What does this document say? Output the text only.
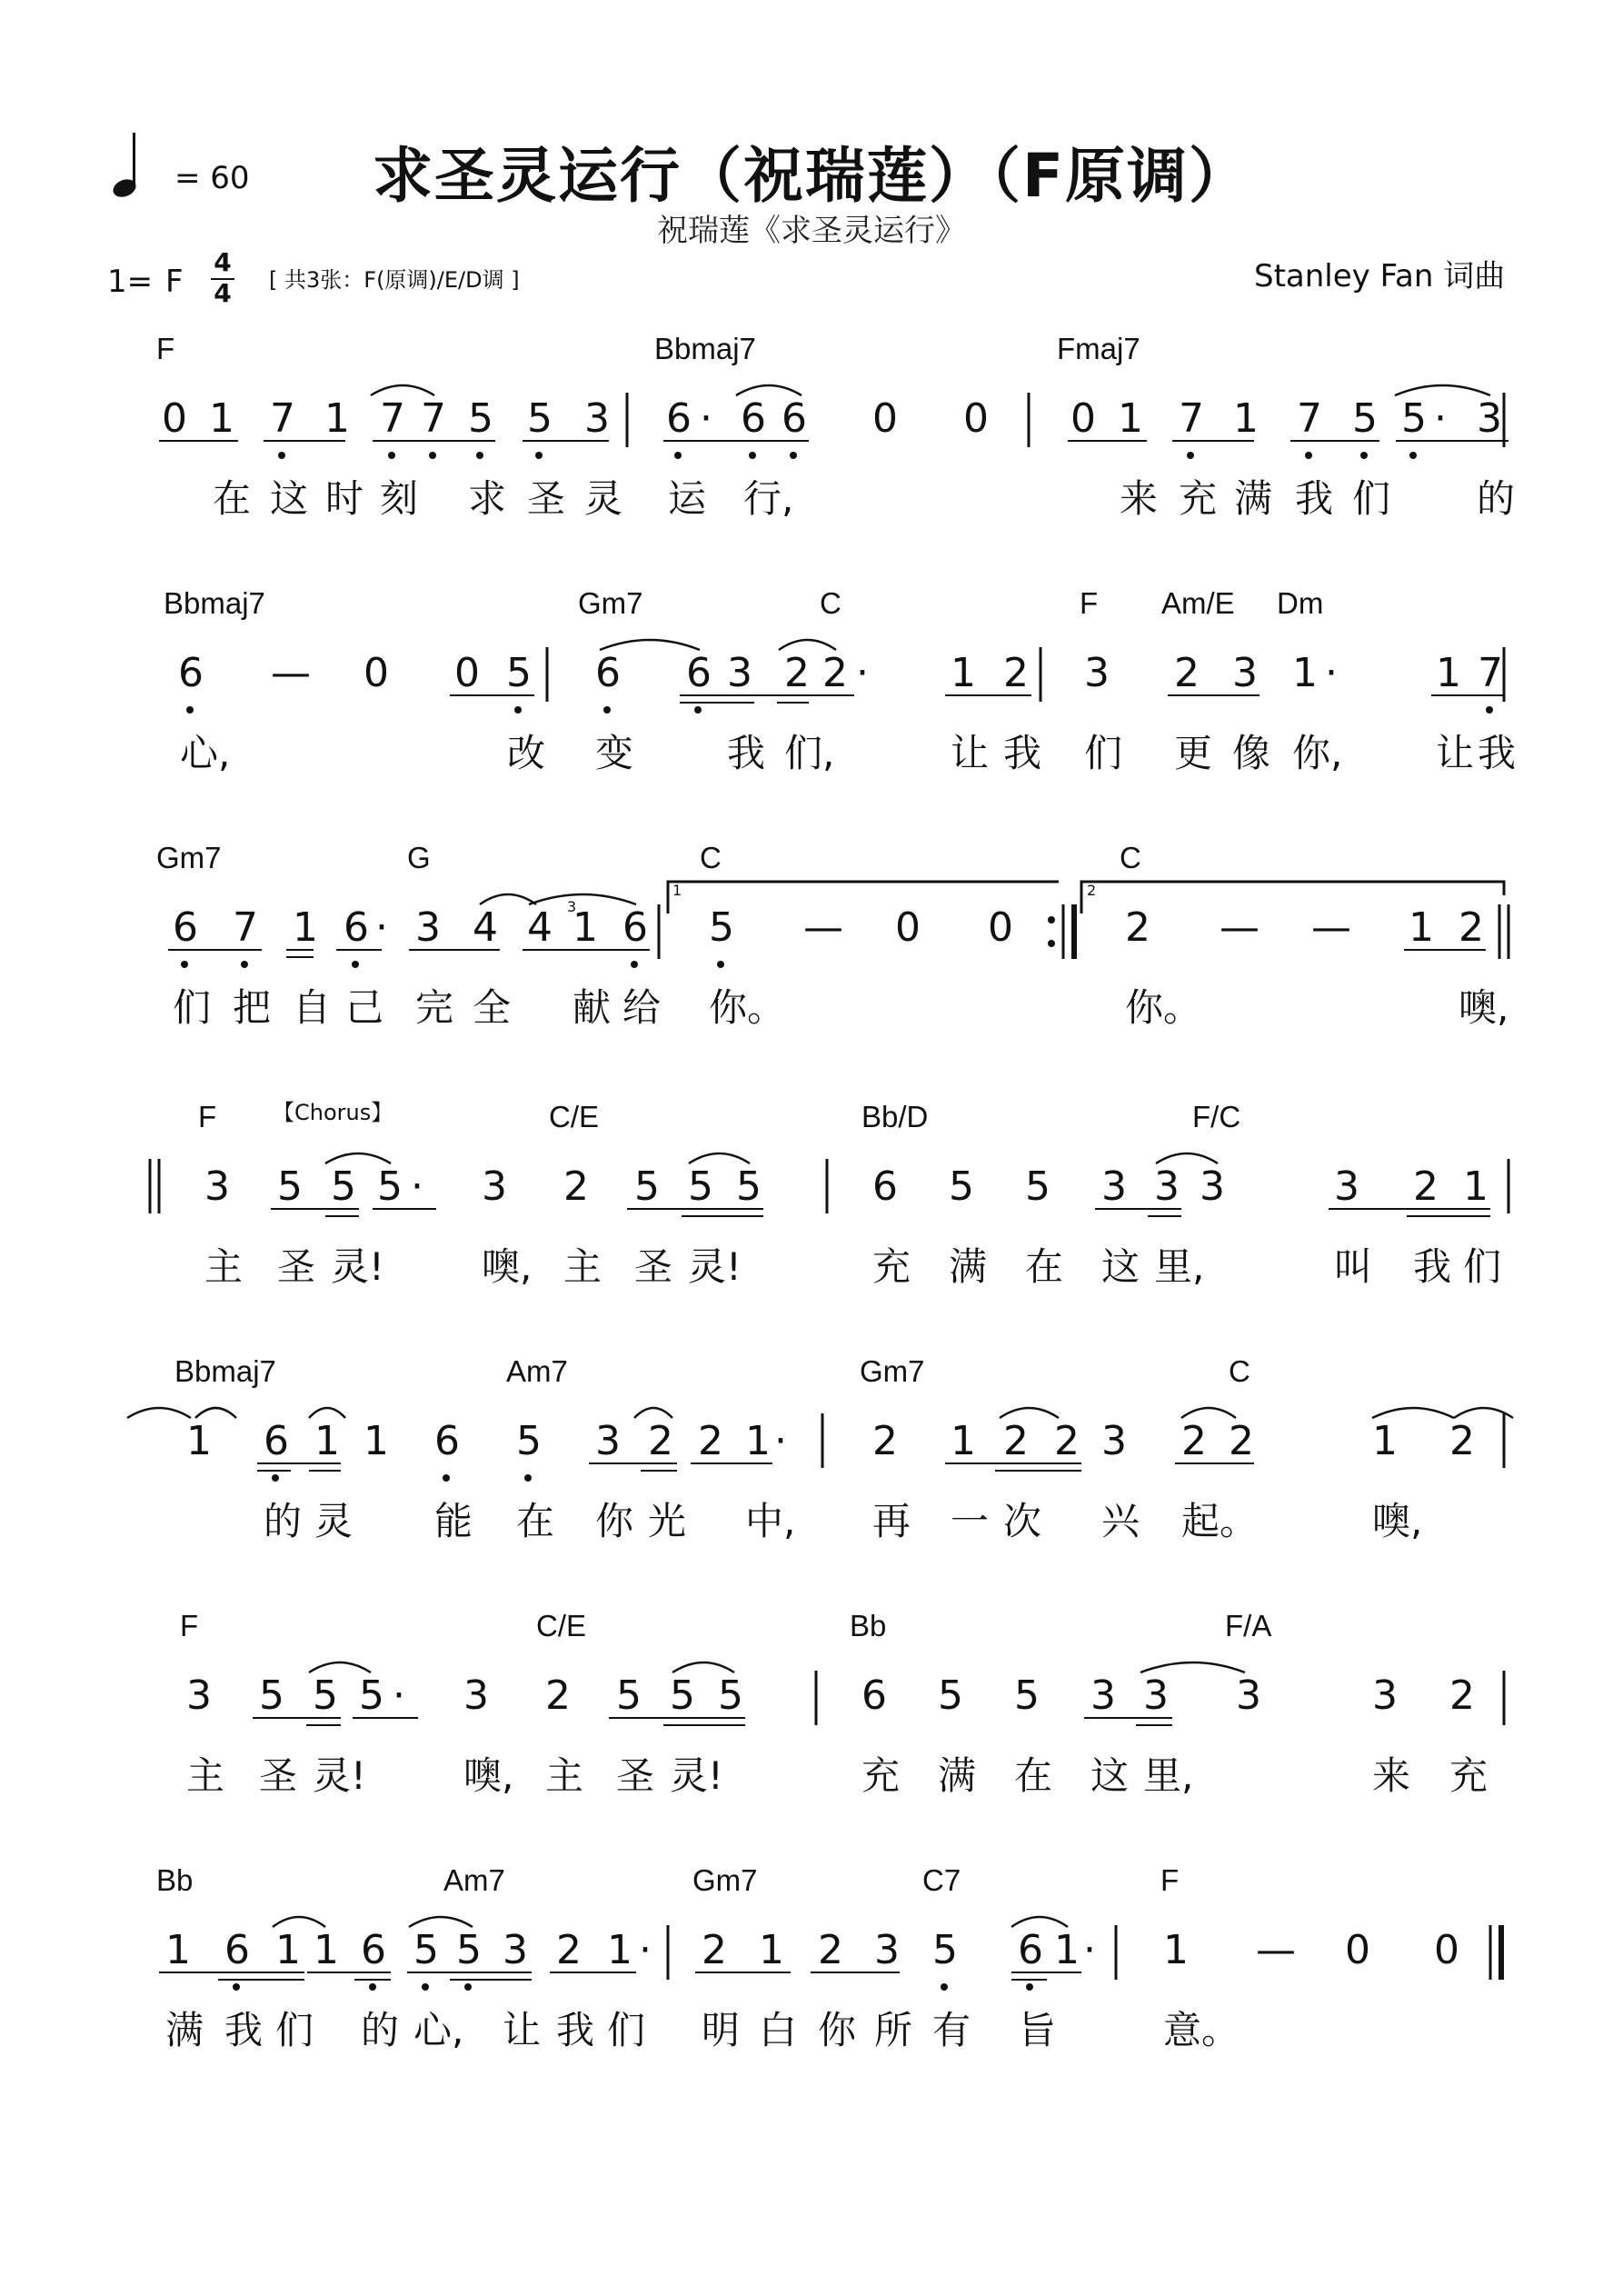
求圣灵运行（祝瑞莲）（F原调）
祝瑞莲《求圣灵运行》
= 60
1= F
4
4 [ 共3张：F(原调)/E/D调 ]	Stanley Fan 词曲
0 1 7 1 7 7 5 5 3 6 · 6 6 0 0 0 1 7 1 7 5 5 · 3
6 — 0 0 5 6 6 3 2 2 · 1 2 3 2 3 1 · 1 7
6 7 1 6 · 3 4 4 1 6 5 — 0 0	2 — — 1 2
3 5 5 5 · 3 2 5 5 5	6 5 5 3 3 3	3 2 1
1 6 1 1 6 5 3 2 2 1 · 2 1 2 2 3 2 2	1 2
3 5 5 5 · 3 2 5 5 5	6 5 5 3 3 3	3 2
1 6 1 1 6 5 5 3 2 1 · 2 1 2 3 5 6 1 · 1 — 0 0
F	Bbmaj7	Fmaj7
Bbmaj7	Gm7	C	F Am/E Dm
Gm7	G	C	C
F	C/E	Bb/D	F/C
Bbmaj7	Am7	Gm7	C
F	C/E	Bb	F/A
Bb	Am7	Gm7	C7	F
在 这 时 刻 求 圣 灵 运 行,	来 充 满 我 们 的
心,	改 变 我 们,	让 我 们 更 像 你, 让 我
们 把 自 己 完 全 献 给 你。	你。	噢,
主 圣 灵!	噢, 主 圣 灵!	充 满 在 这 里,	叫 我 们
的 灵 能 在 你 光 中, 再 一 次 兴 起。	噢,
主 圣 灵!	噢, 主 圣 灵!	充 满 在 这 里,	来 充
满 我 们 的 心, 让 我 们 明 白 你 所 有 旨	意。
【Chorus】
3
1	2
